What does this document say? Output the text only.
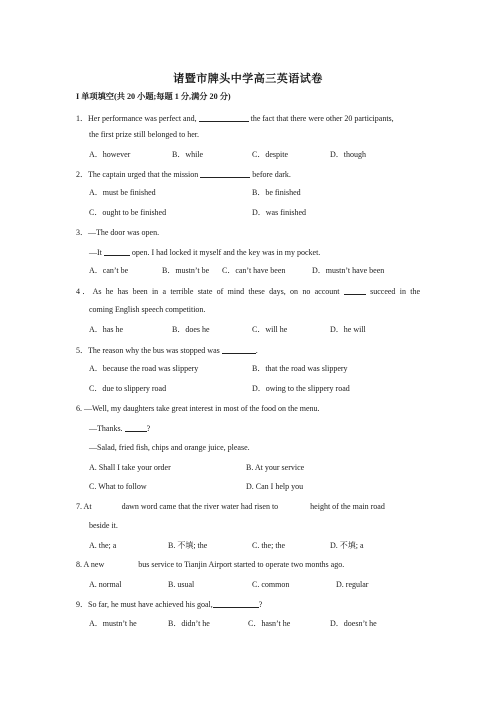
诸暨市牌头中学高三英语试卷
I 单项填空(共 20 小题;每题 1 分,满分 20 分)
1．Her performance was perfect and,	the fact that there were other 20 participants,
the first prize still belonged to her.
A．however	B．while	C．despite	D．though
2．The captain urged that the mission	before dark.
A．must be finished	B．be finished
C．ought to be finished	D．was finished
3．—The door was open.
—It	open. I had locked it myself and the key was in my pocket.
A．can’t be	B．mustn’t be C．can’t have been	D．mustn’t have been
4．As he has been in a terrible state of mind these days, on no account	succeed in the
coming English speech competition.
A．has he	B．does he	C．will he	D．he will
5．The reason why the bus was stopped was	.
A．because the road was slippery	B．that the road was slippery
C．due to slippery road	D．owing to the slippery road
6. —Well, my daughters take great interest in most of the food on the menu.
—Thanks.	?
—Salad, fried fish, chips and orange juice, please.
A. Shall I take your order	B. At your service
C. What to follow	D. Can I help you
7. At	dawn word came that the river water had risen to	height of the main road
beside it.
A. the; a	B. 不填; the	C. the; the	D. 不填; a
8. A new	bus service to Tianjin Airport started to operate two months ago.
A. normal	B. usual	C. common	D. regular
9．So far, he must have achieved his goal,	?
A．mustn’t he	B．didn’t he	C．hasn’t he	D．doesn’t he
